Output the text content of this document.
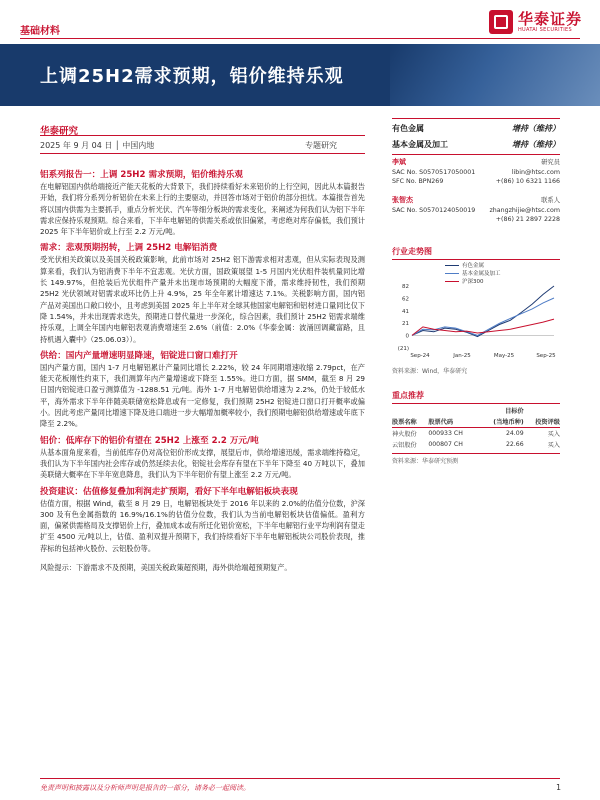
基础材料
华泰证券
HUATAI SECURITIES
上调25H2需求预期，铝价维持乐观
华泰研究
2025 年 9 月 04 日 │ 中国内地	专题研究
铝系列报告一：上调 25H2 需求预期，铝价维持乐观

在电解铝国内供给端接近产能天花板的大背景下，我们持续看好未来铝价的上行空间，因此从本篇报告开始，我们将分系列分析铝价在未来上行的主要驱动，并回答市场对于铝价的部分担忧。本篇报告首先将以国内供需为主要抓手，重点分析光伏、汽车等细分板块的需求变化，来阐述为何我们认为铝下半年需求应保持乐观预期。综合来看，下半年电解铝的供需关系或依旧偏紧，考虑绝对库存偏低，我们预计 2025 年下半年铝价或上行至 2.2 万元/吨。

需求：悲观预期拐转，上调 25H2 电解铝消费

受光伏相关政策以及美国关税政策影响，此前市场对 25H2 铝下游需求相对悲观，但从实际表现及测算来看，我们认为铝消费下半年不宜悲观。光伏方面，国政策展望 1-5 月国内光伏组件装机量同比增长 149.97%，但抢装后光伏组件产量并未出现市场预期的大幅度下滑，需求维持韧性，我们预期 25H2 光伏领域对铝需求或环比仍上升 4.9%，25 年全年累计增速达 7.1%。关税影响方面，国内铝产品对美国出口敞口较小，且考虑到美国 2025 年上半年对全球其他国家电解铝和铝材进口量同比仅下降 1.54%，并未出现需求迭失，预期进口替代量进一步深化，综合因素，我们预计 25H2 铝需求端维持乐观，上调全年国内电解铝表观消费增速至 2.6%（前值：2.0%《华泰金属：波涌回调藏富路，且持机遇入囊中》（25.06.03））。

供给：国内产量增速明显降速，铝锭进口窗口难打开

国内产量方面，国内 1-7 月电解铝累计产量同比增长 2.22%，较 24 年同期增速收缩 2.79pct，在产能天花板刚性约束下，我们测算年内产量增速或下降至 1.55%。进口方面，据 SMM，截至 8 月 29 日国内铝锭进口盈亏测算值为 -1288.51 元/吨。海外 1-7 月电解铝供给增速为 2.2%，仍处于较低水平，海外需求下半年伴随美联储宽松降息或有一定修复，我们预期 25H2 铝锭进口窗口打开概率或偏小。因此考虑产量同比增速下降及进口端进一步大幅增加概率较小，我们预期电解铝供给增速或年底下降至 2.2%。

铝价：低库存下的铝价有望在 25H2 上涨至 2.2 万元/吨

从基本面角度来看，当前低库存仍对高位铝价形成支撑，展望后市，供给增速迅缓，需求端维持稳定，我们认为下半年国内社会库存或仍然延续去化，铝锭社会库存有望在下半年下降至 40 万吨以下，叠加美联储大概率在下半年宽息降息，我们认为下半年铝价有望上涨至 2.2 万元/吨。

投资建议：估值修复叠加利润走扩预期，看好下半年电解铝板块表现

估值方面，根据 Wind，截至 8 月 29 日，电解铝板块处于 2016 年以来的 2.0%的估值分位数，沪深 300 及有色金属指数的 16.9%/16.1%的估值分位数，我们认为当前电解铝板块估值偏低。盈利方面，偏紧供需格局及支撑铝价上行，叠加成本或有所迁化铝价宽松，下半年电解铝行业平均利润有望走扩至 4500 元/吨以上，估值、盈利双提升预期下，我们持续看好下半年电解铝板块公司股价表现，推荐标的包括神火股份、云铝股份等。

风险提示：下游需求不及预期，美国关税政策超预期，海外供给端超预期复产。

有色金属	增持（维持）
基本金属及加工	增持（维持）
李斌	研究员
SAC No. S0570517050001	libin@htsc.com
SFC No. BPN269	+(86) 10 6321 1166
张智杰	联系人
SAC No. S0570124050019 zhangzhijie@htsc.com
+(86) 21 2897 2228
行业走势图
有色金属
基本金属及加工
沪深300
82
62
41
21
0
(21)
Sep-24	Jan-25	May-25	Sep-25
资料来源：Wind，华泰研究
重点推荐
		目标价	
股票名称	股票代码	(当地币种)	投资评级
神火股份	000933 CH	24.09	买入
云铝股份	000807 CH	22.66	买入
资料来源：华泰研究预测
免责声明和披露以及分析师声明是报告的一部分，请务必一起阅读。	1
